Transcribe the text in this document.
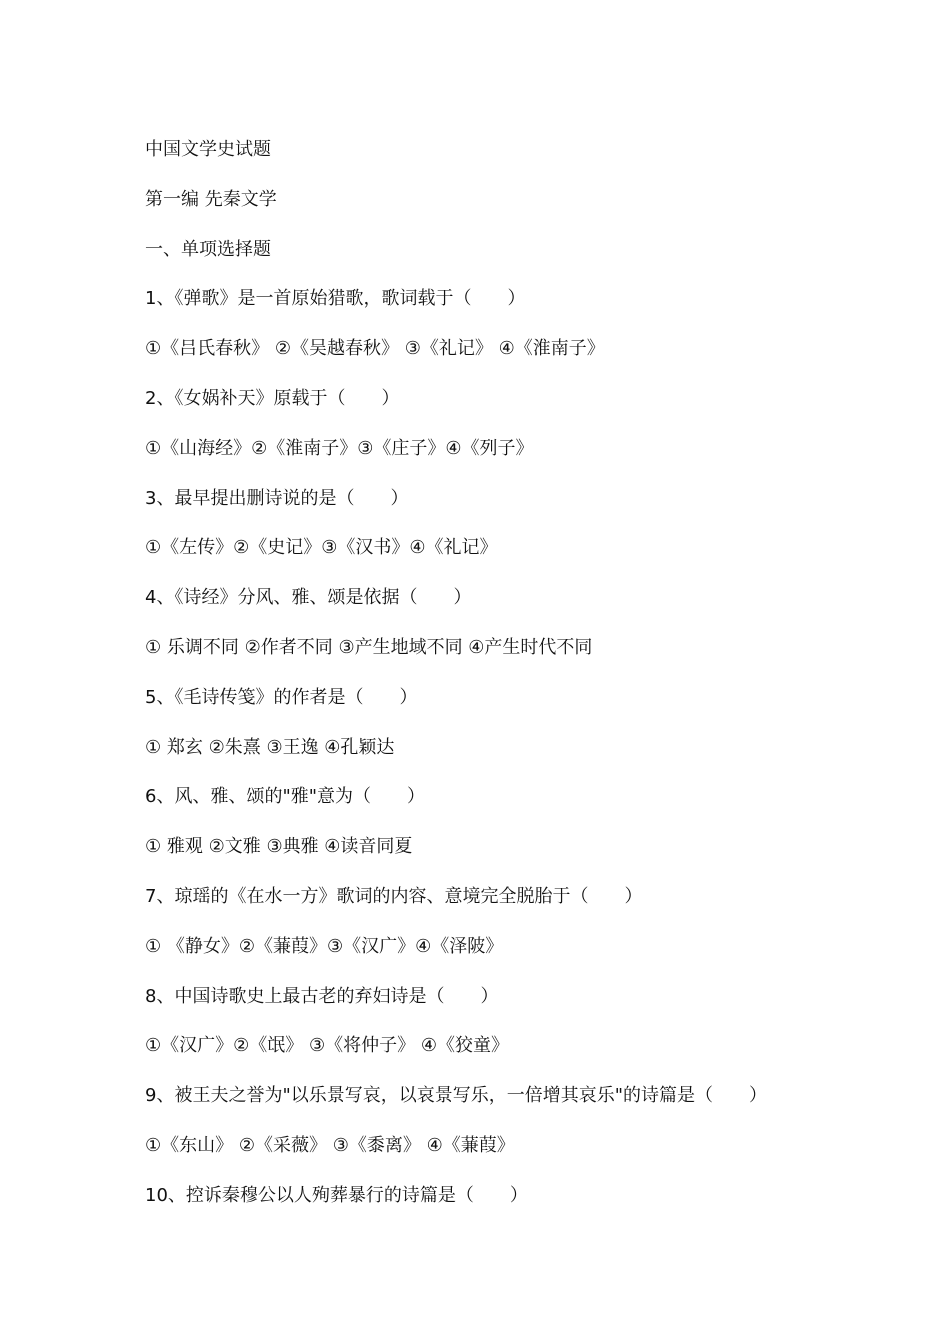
中国文学史试题
第一编 先秦文学
一、单项选择题
1、《弹歌》是一首原始猎歌，歌词载于（　　）
①《吕氏春秋》 ②《吴越春秋》 ③《礼记》 ④《淮南子》
2、《女娲补天》原载于（　　）
①《山海经》②《淮南子》③《庄子》④《列子》
3、最早提出删诗说的是（　　）
①《左传》②《史记》③《汉书》④《礼记》
4、《诗经》分风、雅、颂是依据（　　）
① 乐调不同 ②作者不同 ③产生地域不同 ④产生时代不同
5、《毛诗传笺》的作者是（　　）
① 郑玄 ②朱熹 ③王逸 ④孔颖达
6、风、雅、颂的"雅"意为（　　）
① 雅观 ②文雅 ③典雅 ④读音同夏
7、琼瑶的《在水一方》歌词的内容、意境完全脱胎于（　　）
① 《静女》②《蒹葭》③《汉广》④《泽陂》
8、中国诗歌史上最古老的弃妇诗是（　　）
①《汉广》②《氓》 ③《将仲子》 ④《狡童》
9、被王夫之誉为"以乐景写哀，以哀景写乐，一倍增其哀乐"的诗篇是（　　）
①《东山》 ②《采薇》 ③《黍离》 ④《蒹葭》
10、控诉秦穆公以人殉葬暴行的诗篇是（　　）
